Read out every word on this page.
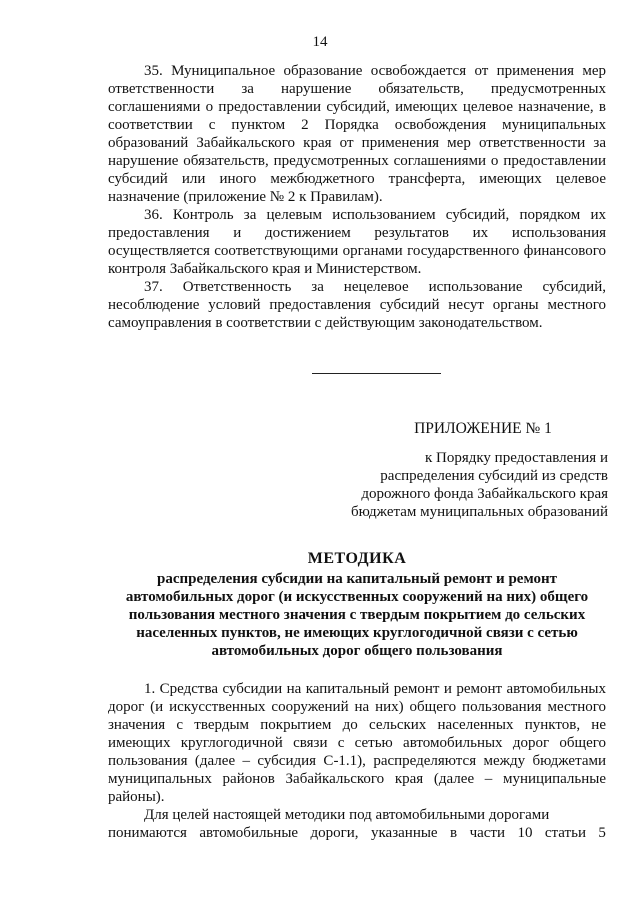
14

35. Муниципальное образование освобождается от применения мер ответственности за нарушение обязательств, предусмотренных соглашениями о предоставлении субсидий, имеющих целевое назначение, в соответствии с пунктом 2 Порядка освобождения муниципальных образований Забайкальского края от применения мер ответственности за нарушение обязательств, предусмотренных соглашениями о предоставлении субсидий или иного межбюджетного трансферта, имеющих целевое назначение (приложение № 2 к Правилам).

36. Контроль за целевым использованием субсидий, порядком их предоставления и достижением результатов их использования осуществляется соответствующими органами государственного финансового контроля Забайкальского края и Министерством.

37. Ответственность за нецелевое использование субсидий, несоблюдение условий предоставления субсидий несут органы местного самоуправления в соответствии с действующим законодательством.

ПРИЛОЖЕНИЕ № 1
к Порядку предоставления и
распределения субсидий из средств
дорожного фонда Забайкальского края
бюджетам муниципальных образований
МЕТОДИКА
распределения субсидии на капитальный ремонт и ремонт автомобильных дорог (и искусственных сооружений на них) общего пользования местного значения с твердым покрытием до сельских населенных пунктов, не имеющих круглогодичной связи с сетью автомобильных дорог общего пользования

1. Средства субсидии на капитальный ремонт и ремонт автомобильных дорог (и искусственных сооружений на них) общего пользования местного значения с твердым покрытием до сельских населенных пунктов, не имеющих круглогодичной связи с сетью автомобильных дорог общего пользования (далее – субсидия С-1.1), распределяются между бюджетами муниципальных районов Забайкальского края (далее – муниципальные районы).

Для целей настоящей методики под автомобильными дорогами

понимаются автомобильные дороги, указанные в части 10 статьи 5
